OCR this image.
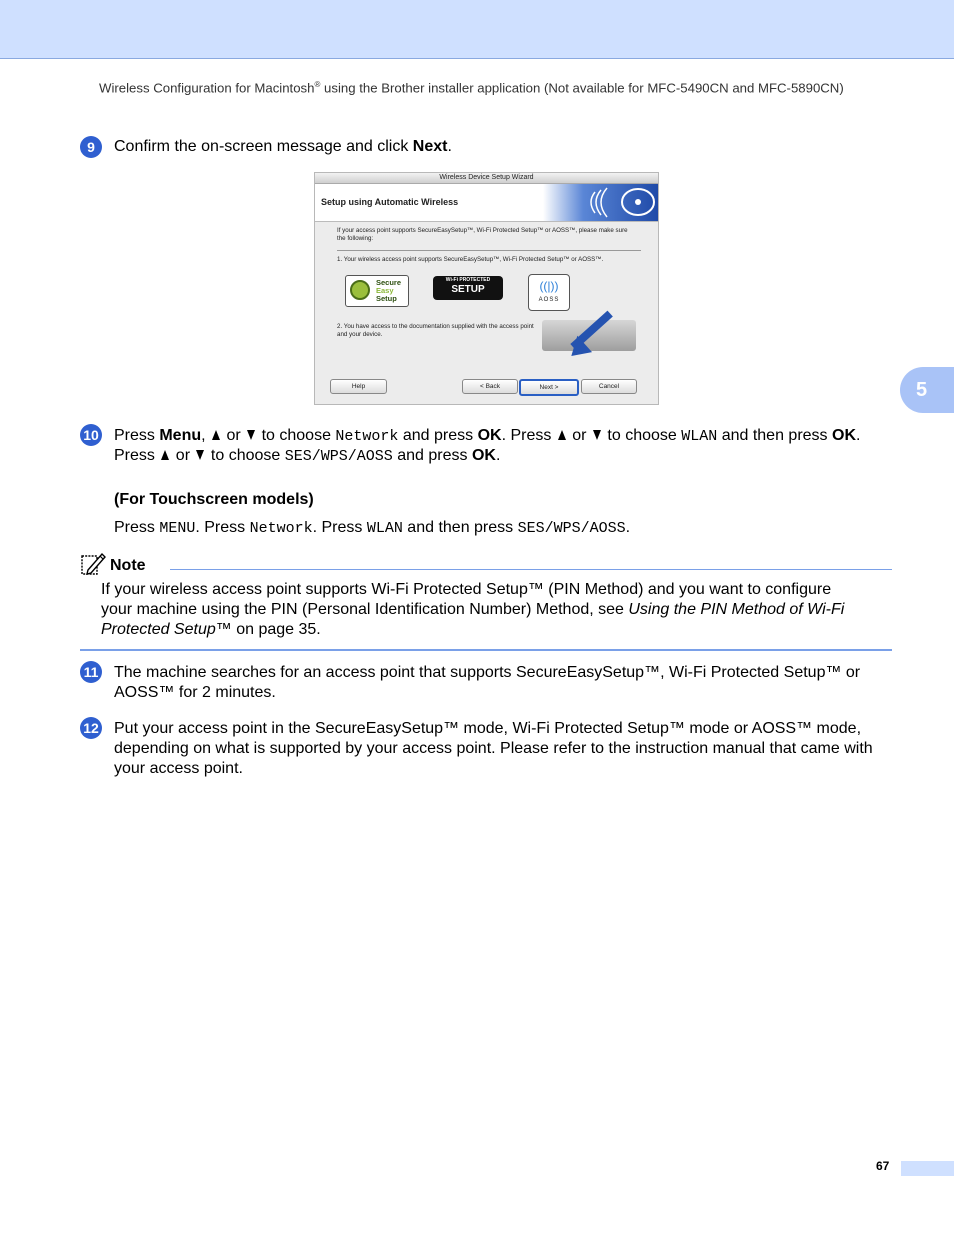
Wireless Configuration for Macintosh® using the Brother installer application (Not available for MFC-5490CN and MFC-5890CN)
5
9	Confirm the on-screen message and click Next.
Wireless Device Setup Wizard
Setup using Automatic Wireless
If your access point supports SecureEasySetup™, Wi-Fi Protected Setup™ or AOSS™, please make sure the following:
1. Your wireless access point supports SecureEasySetup™, Wi-Fi Protected Setup™ or AOSS™.
Secure
Easy
Setup
Wi-Fi PROTECTED
SETUP	((|))
AOSS
2. You have access to the documentation supplied with the access point and your device.
Help	< Back	Next >	Cancel
10 Press Menu,  or  to choose Network and press OK. Press  or  to choose WLAN and then press OK.
Press  or  to choose SES/WPS/AOSS and press OK.
(For Touchscreen models)
Press MENU. Press Network. Press WLAN and then press SES/WPS/AOSS.
Note
If your wireless access point supports Wi-Fi Protected Setup™ (PIN Method) and you want to configure
your machine using the PIN (Personal Identification Number) Method, see Using the PIN Method of Wi-Fi
Protected Setup™ on page 35.
11 The machine searches for an access point that supports SecureEasySetup™, Wi-Fi Protected Setup™ or AOSS™ for 2 minutes.
12 Put your access point in the SecureEasySetup™ mode, Wi-Fi Protected Setup™ mode or AOSS™ mode, depending on what is supported by your access point. Please refer to the instruction manual that came with your access point.
67
